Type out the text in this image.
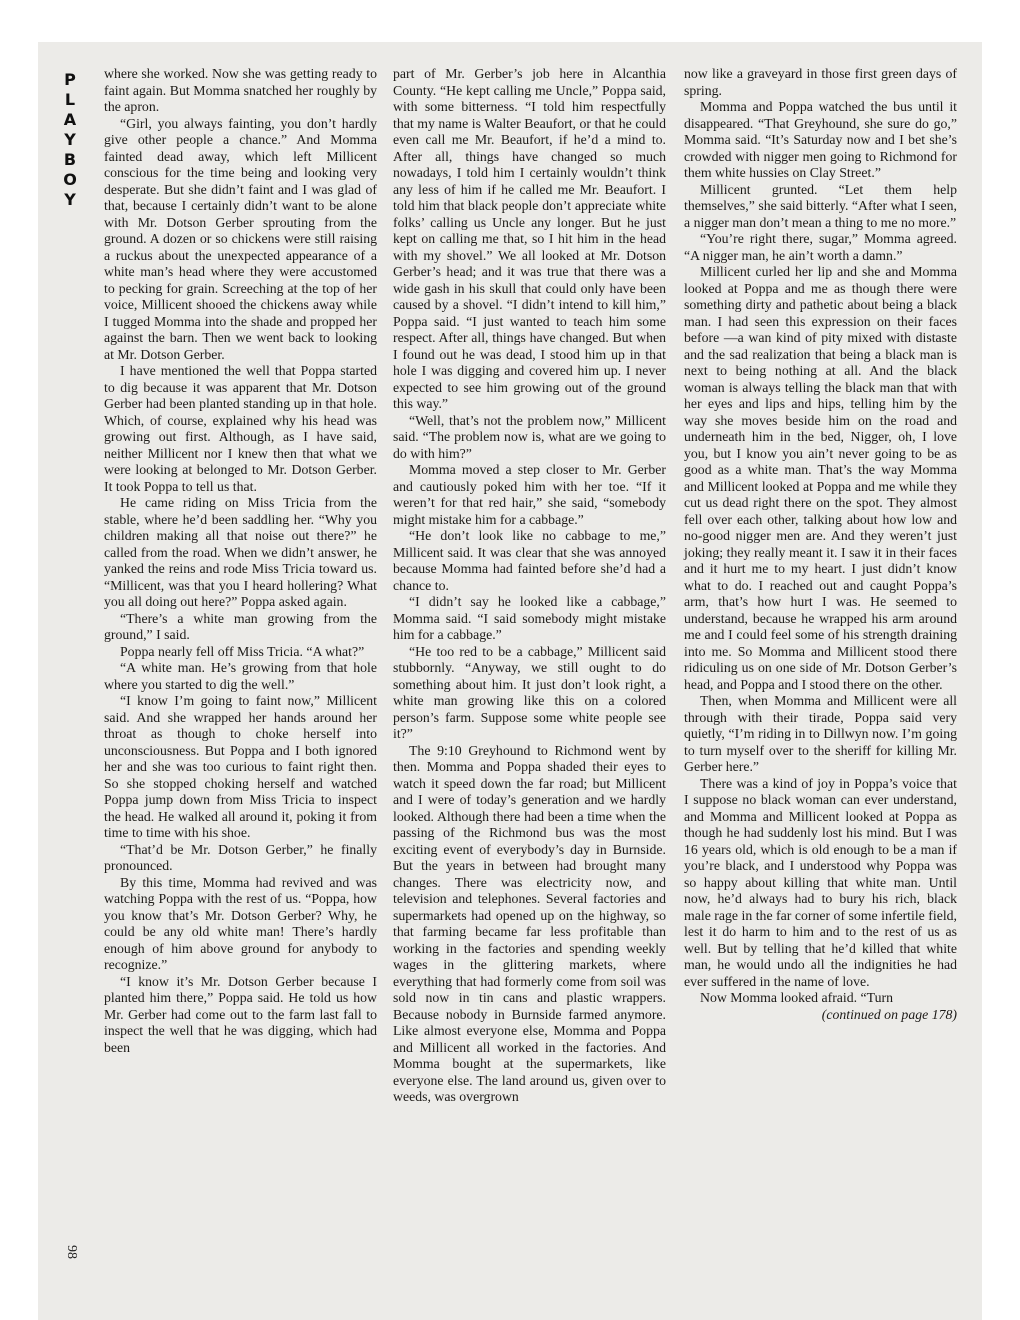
P
L
A
Y
B
O
Y
98

where she worked. Now she was getting ready to faint again. But Momma snatched her roughly by the apron.

“Girl, you always fainting, you don’t hardly give other people a chance.” And Momma fainted dead away, which left Millicent conscious for the time being and looking very desperate. But she didn’t faint and I was glad of that, because I certainly didn’t want to be alone with Mr. Dotson Gerber sprouting from the ground. A dozen or so chickens were still raising a ruckus about the unexpected appearance of a white man’s head where they were accustomed to pecking for grain. Screeching at the top of her voice, Millicent shooed the chickens away while I tugged Momma into the shade and propped her against the barn. Then we went back to looking at Mr. Dotson Gerber.

I have mentioned the well that Poppa started to dig because it was apparent that Mr. Dotson Gerber had been planted standing up in that hole. Which, of course, explained why his head was growing out first. Although, as I have said, neither Millicent nor I knew then that what we were looking at belonged to Mr. Dotson Gerber. It took Poppa to tell us that.

He came riding on Miss Tricia from the stable, where he’d been saddling her. “Why you children making all that noise out there?” he called from the road. When we didn’t answer, he yanked the reins and rode Miss Tricia toward us. “Millicent, was that you I heard hollering? What you all doing out here?” Poppa asked again.

“There’s a white man growing from the ground,” I said.

Poppa nearly fell off Miss Tricia. “A what?”

“A white man. He’s growing from that hole where you started to dig the well.”

“I know I’m going to faint now,” Millicent said. And she wrapped her hands around her throat as though to choke herself into unconsciousness. But Poppa and I both ignored her and she was too curious to faint right then. So she stopped choking herself and watched Poppa jump down from Miss Tricia to inspect the head. He walked all around it, poking it from time to time with his shoe.

“That’d be Mr. Dotson Gerber,” he finally pronounced.

By this time, Momma had revived and was watching Poppa with the rest of us. “Poppa, how you know that’s Mr. Dotson Gerber? Why, he could be any old white man! There’s hardly enough of him above ground for anybody to recognize.”

“I know it’s Mr. Dotson Gerber because I planted him there,” Poppa said. He told us how Mr. Gerber had come out to the farm last fall to inspect the well that he was digging, which had been

part of Mr. Gerber’s job here in Alcanthia County. “He kept calling me Uncle,” Poppa said, with some bitterness. “I told him respectfully that my name is Walter Beaufort, or that he could even call me Mr. Beaufort, if he’d a mind to. After all, things have changed so much nowadays, I told him I certainly wouldn’t think any less of him if he called me Mr. Beaufort. I told him that black people don’t appreciate white folks’ calling us Uncle any longer. But he just kept on calling me that, so I hit him in the head with my shovel.” We all looked at Mr. Dotson Gerber’s head; and it was true that there was a wide gash in his skull that could only have been caused by a shovel. “I didn’t intend to kill him,” Poppa said. “I just wanted to teach him some respect. After all, things have changed. But when I found out he was dead, I stood him up in that hole I was digging and covered him up. I never expected to see him growing out of the ground this way.”

“Well, that’s not the problem now,” Millicent said. “The problem now is, what are we going to do with him?”

Momma moved a step closer to Mr. Gerber and cautiously poked him with her toe. “If it weren’t for that red hair,” she said, “somebody might mistake him for a cabbage.”

“He don’t look like no cabbage to me,” Millicent said. It was clear that she was annoyed because Momma had fainted before she’d had a chance to.

“I didn’t say he looked like a cabbage,” Momma said. “I said somebody might mistake him for a cabbage.”

“He too red to be a cabbage,” Millicent said stubbornly. “Anyway, we still ought to do something about him. It just don’t look right, a white man growing like this on a colored person’s farm. Suppose some white people see it?”

The 9:10 Greyhound to Richmond went by then. Momma and Poppa shaded their eyes to watch it speed down the far road; but Millicent and I were of today’s generation and we hardly looked. Although there had been a time when the passing of the Richmond bus was the most exciting event of everybody’s day in Burnside. But the years in between had brought many changes. There was electricity now, and television and telephones. Several factories and supermarkets had opened up on the highway, so that farming became far less profitable than working in the factories and spending weekly wages in the glittering markets, where everything that had formerly come from soil was sold now in tin cans and plastic wrappers. Because nobody in Burnside farmed anymore. Like almost everyone else, Momma and Poppa and Millicent all worked in the factories. And Momma bought at the supermarkets, like everyone else. The land around us, given over to weeds, was overgrown

now like a graveyard in those first green days of spring.

Momma and Poppa watched the bus until it disappeared. “That Greyhound, she sure do go,” Momma said. “It’s Saturday now and I bet she’s crowded with nigger men going to Richmond for them white hussies on Clay Street.”

Millicent grunted. “Let them help themselves,” she said bitterly. “After what I seen, a nigger man don’t mean a thing to me no more.”

“You’re right there, sugar,” Momma agreed. “A nigger man, he ain’t worth a damn.”

Millicent curled her lip and she and Momma looked at Poppa and me as though there were something dirty and pathetic about being a black man. I had seen this expression on their faces before —a wan kind of pity mixed with distaste and the sad realization that being a black man is next to being nothing at all. And the black woman is always telling the black man that with her eyes and lips and hips, telling him by the way she moves beside him on the road and underneath him in the bed, Nigger, oh, I love you, but I know you ain’t never going to be as good as a white man. That’s the way Momma and Millicent looked at Poppa and me while they cut us dead right there on the spot. They almost fell over each other, talking about how low and no-good nigger men are. And they weren’t just joking; they really meant it. I saw it in their faces and it hurt me to my heart. I just didn’t know what to do. I reached out and caught Poppa’s arm, that’s how hurt I was. He seemed to understand, because he wrapped his arm around me and I could feel some of his strength draining into me. So Momma and Millicent stood there ridiculing us on one side of Mr. Dotson Gerber’s head, and Poppa and I stood there on the other.

Then, when Momma and Millicent were all through with their tirade, Poppa said very quietly, “I’m riding in to Dillwyn now. I’m going to turn myself over to the sheriff for killing Mr. Gerber here.”

There was a kind of joy in Poppa’s voice that I suppose no black woman can ever understand, and Momma and Millicent looked at Poppa as though he had suddenly lost his mind. But I was 16 years old, which is old enough to be a man if you’re black, and I understood why Poppa was so happy about killing that white man. Until now, he’d always had to bury his rich, black male rage in the far corner of some infertile field, lest it do harm to him and to the rest of us as well. But by telling that he’d killed that white man, he would undo all the indignities he had ever suffered in the name of love.

Now Momma looked afraid. “Turn

(continued on page 178)
